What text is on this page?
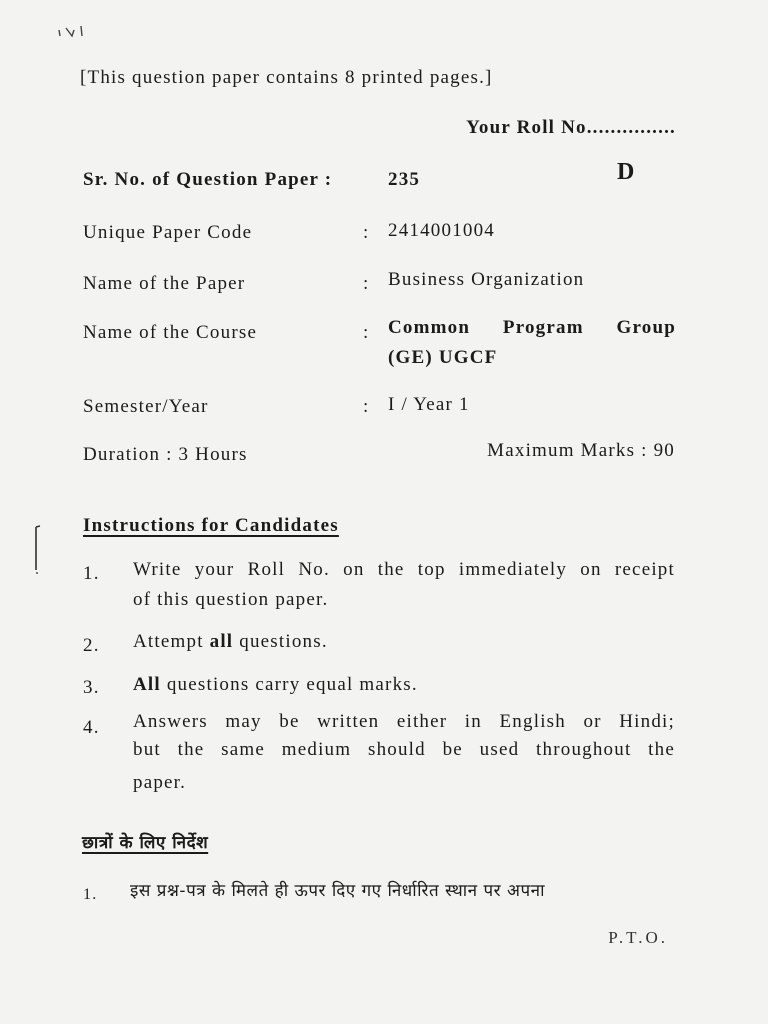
[This question paper contains 8 printed pages.]
Your Roll No...............
Sr. No. of Question Paper :	235	D
Unique Paper Code	: 2414001004
Name of the Paper	: Business Organization
Name of the Course	: Common Program Group
(GE) UGCF
Semester/Year	: I / Year 1
Duration : 3 Hours	Maximum Marks : 90
Instructions for Candidates
1. Write your Roll No. on the top immediately on receipt
of this question paper.
2. Attempt all questions.
3. All questions carry equal marks.
4. Answers may be written either in English or Hindi;
but the same medium should be used throughout the
paper.
छात्रों के लिए निर्देश
1. इस प्रश्न-पत्र के मिलते ही ऊपर दिए गए निर्धारित स्थान पर अपना
P.T.O.
